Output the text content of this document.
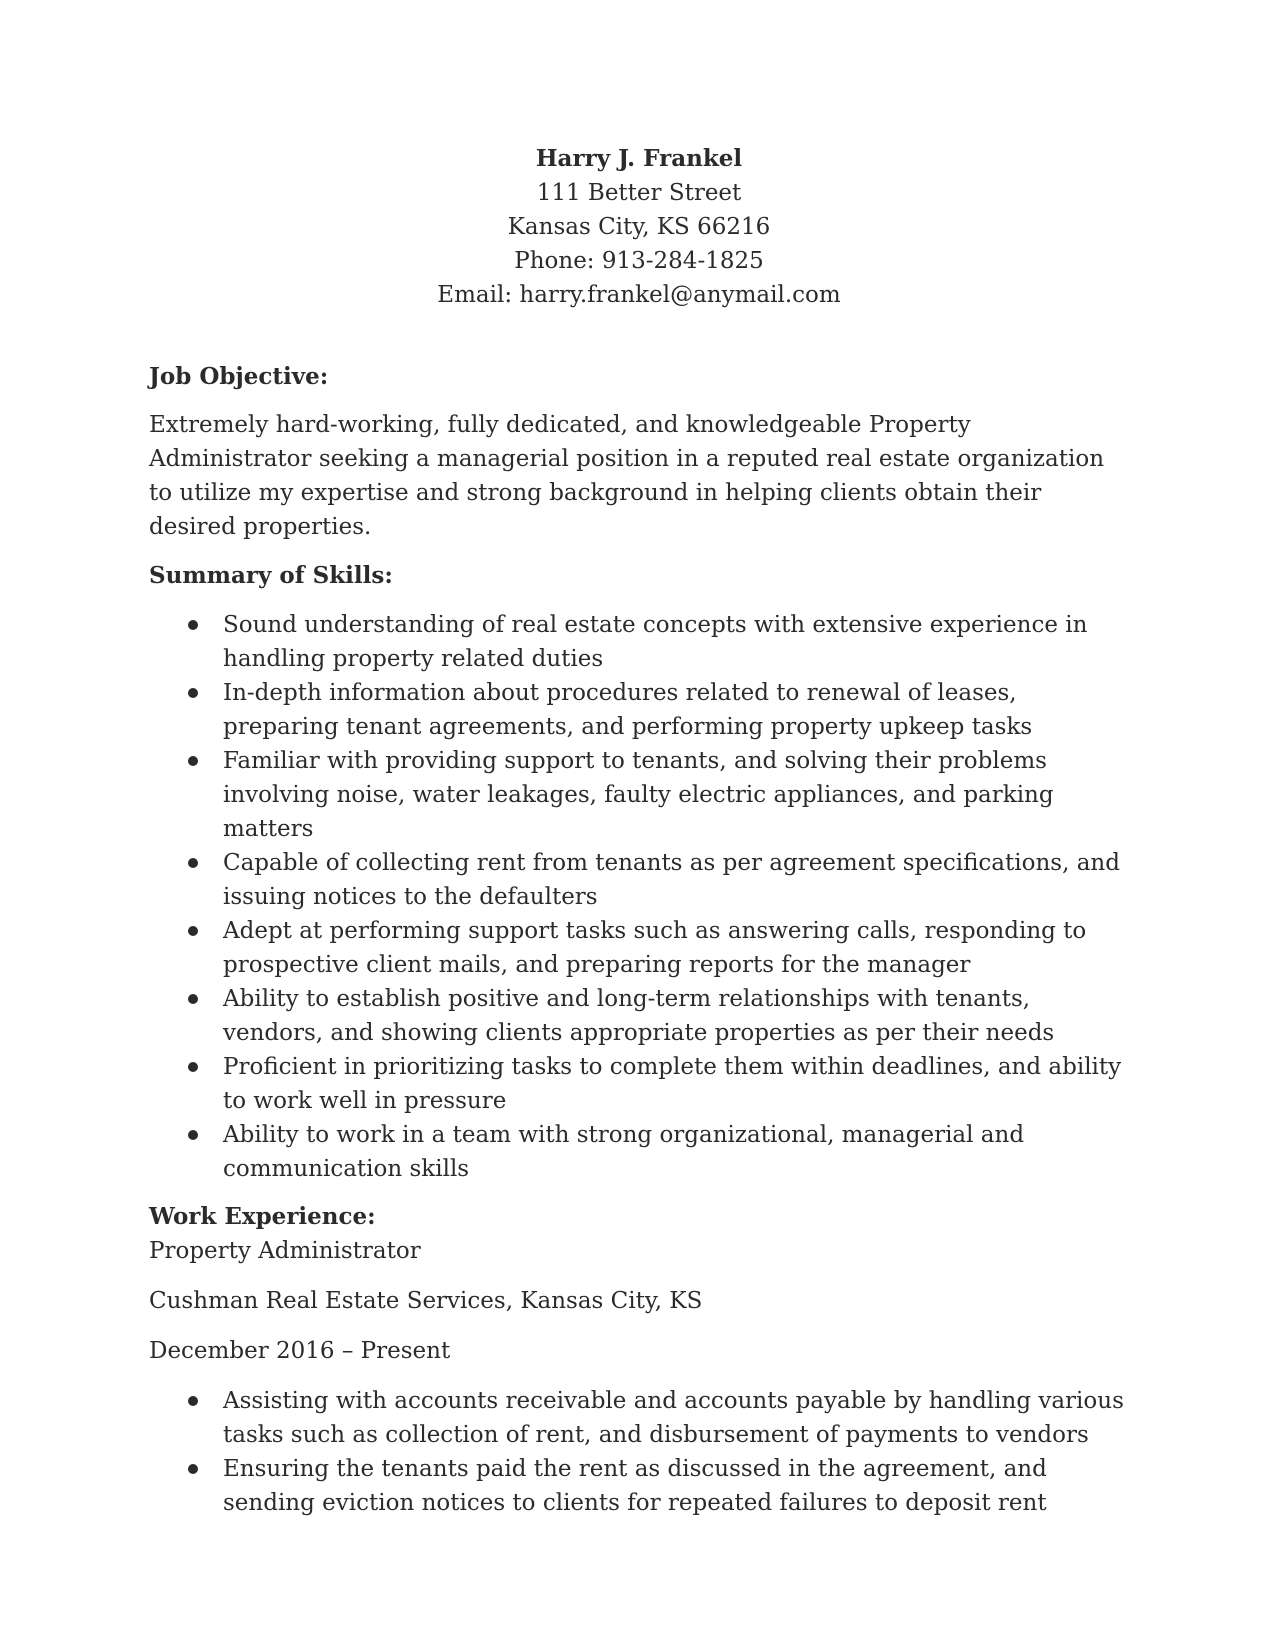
Harry J. Frankel
111 Better Street
Kansas City, KS 66216
Phone: 913-284-1825
Email: harry.frankel@anymail.com
Job Objective:

Extremely hard-working, fully dedicated, and knowledgeable Property Administrator seeking a managerial position in a reputed real estate organization to utilize my expertise and strong background in helping clients obtain their desired properties.

Summary of Skills:
Sound understanding of real estate concepts with extensive experience in handling property related duties
In-depth information about procedures related to renewal of leases, preparing tenant agreements, and performing property upkeep tasks
Familiar with providing support to tenants, and solving their problems involving noise, water leakages, faulty electric appliances, and parking matters
Capable of collecting rent from tenants as per agreement specifications, and issuing notices to the defaulters
Adept at performing support tasks such as answering calls, responding to prospective client mails, and preparing reports for the manager
Ability to establish positive and long-term relationships with tenants, vendors, and showing clients appropriate properties as per their needs
Proficient in prioritizing tasks to complete them within deadlines, and ability to work well in pressure
Ability to work in a team with strong organizational, managerial and communication skills
Work Experience:
Property Administrator
Cushman Real Estate Services, Kansas City, KS
December 2016 – Present
Assisting with accounts receivable and accounts payable by handling various tasks such as collection of rent, and disbursement of payments to vendors
Ensuring the tenants paid the rent as discussed in the agreement, and sending eviction notices to clients for repeated failures to deposit rent
